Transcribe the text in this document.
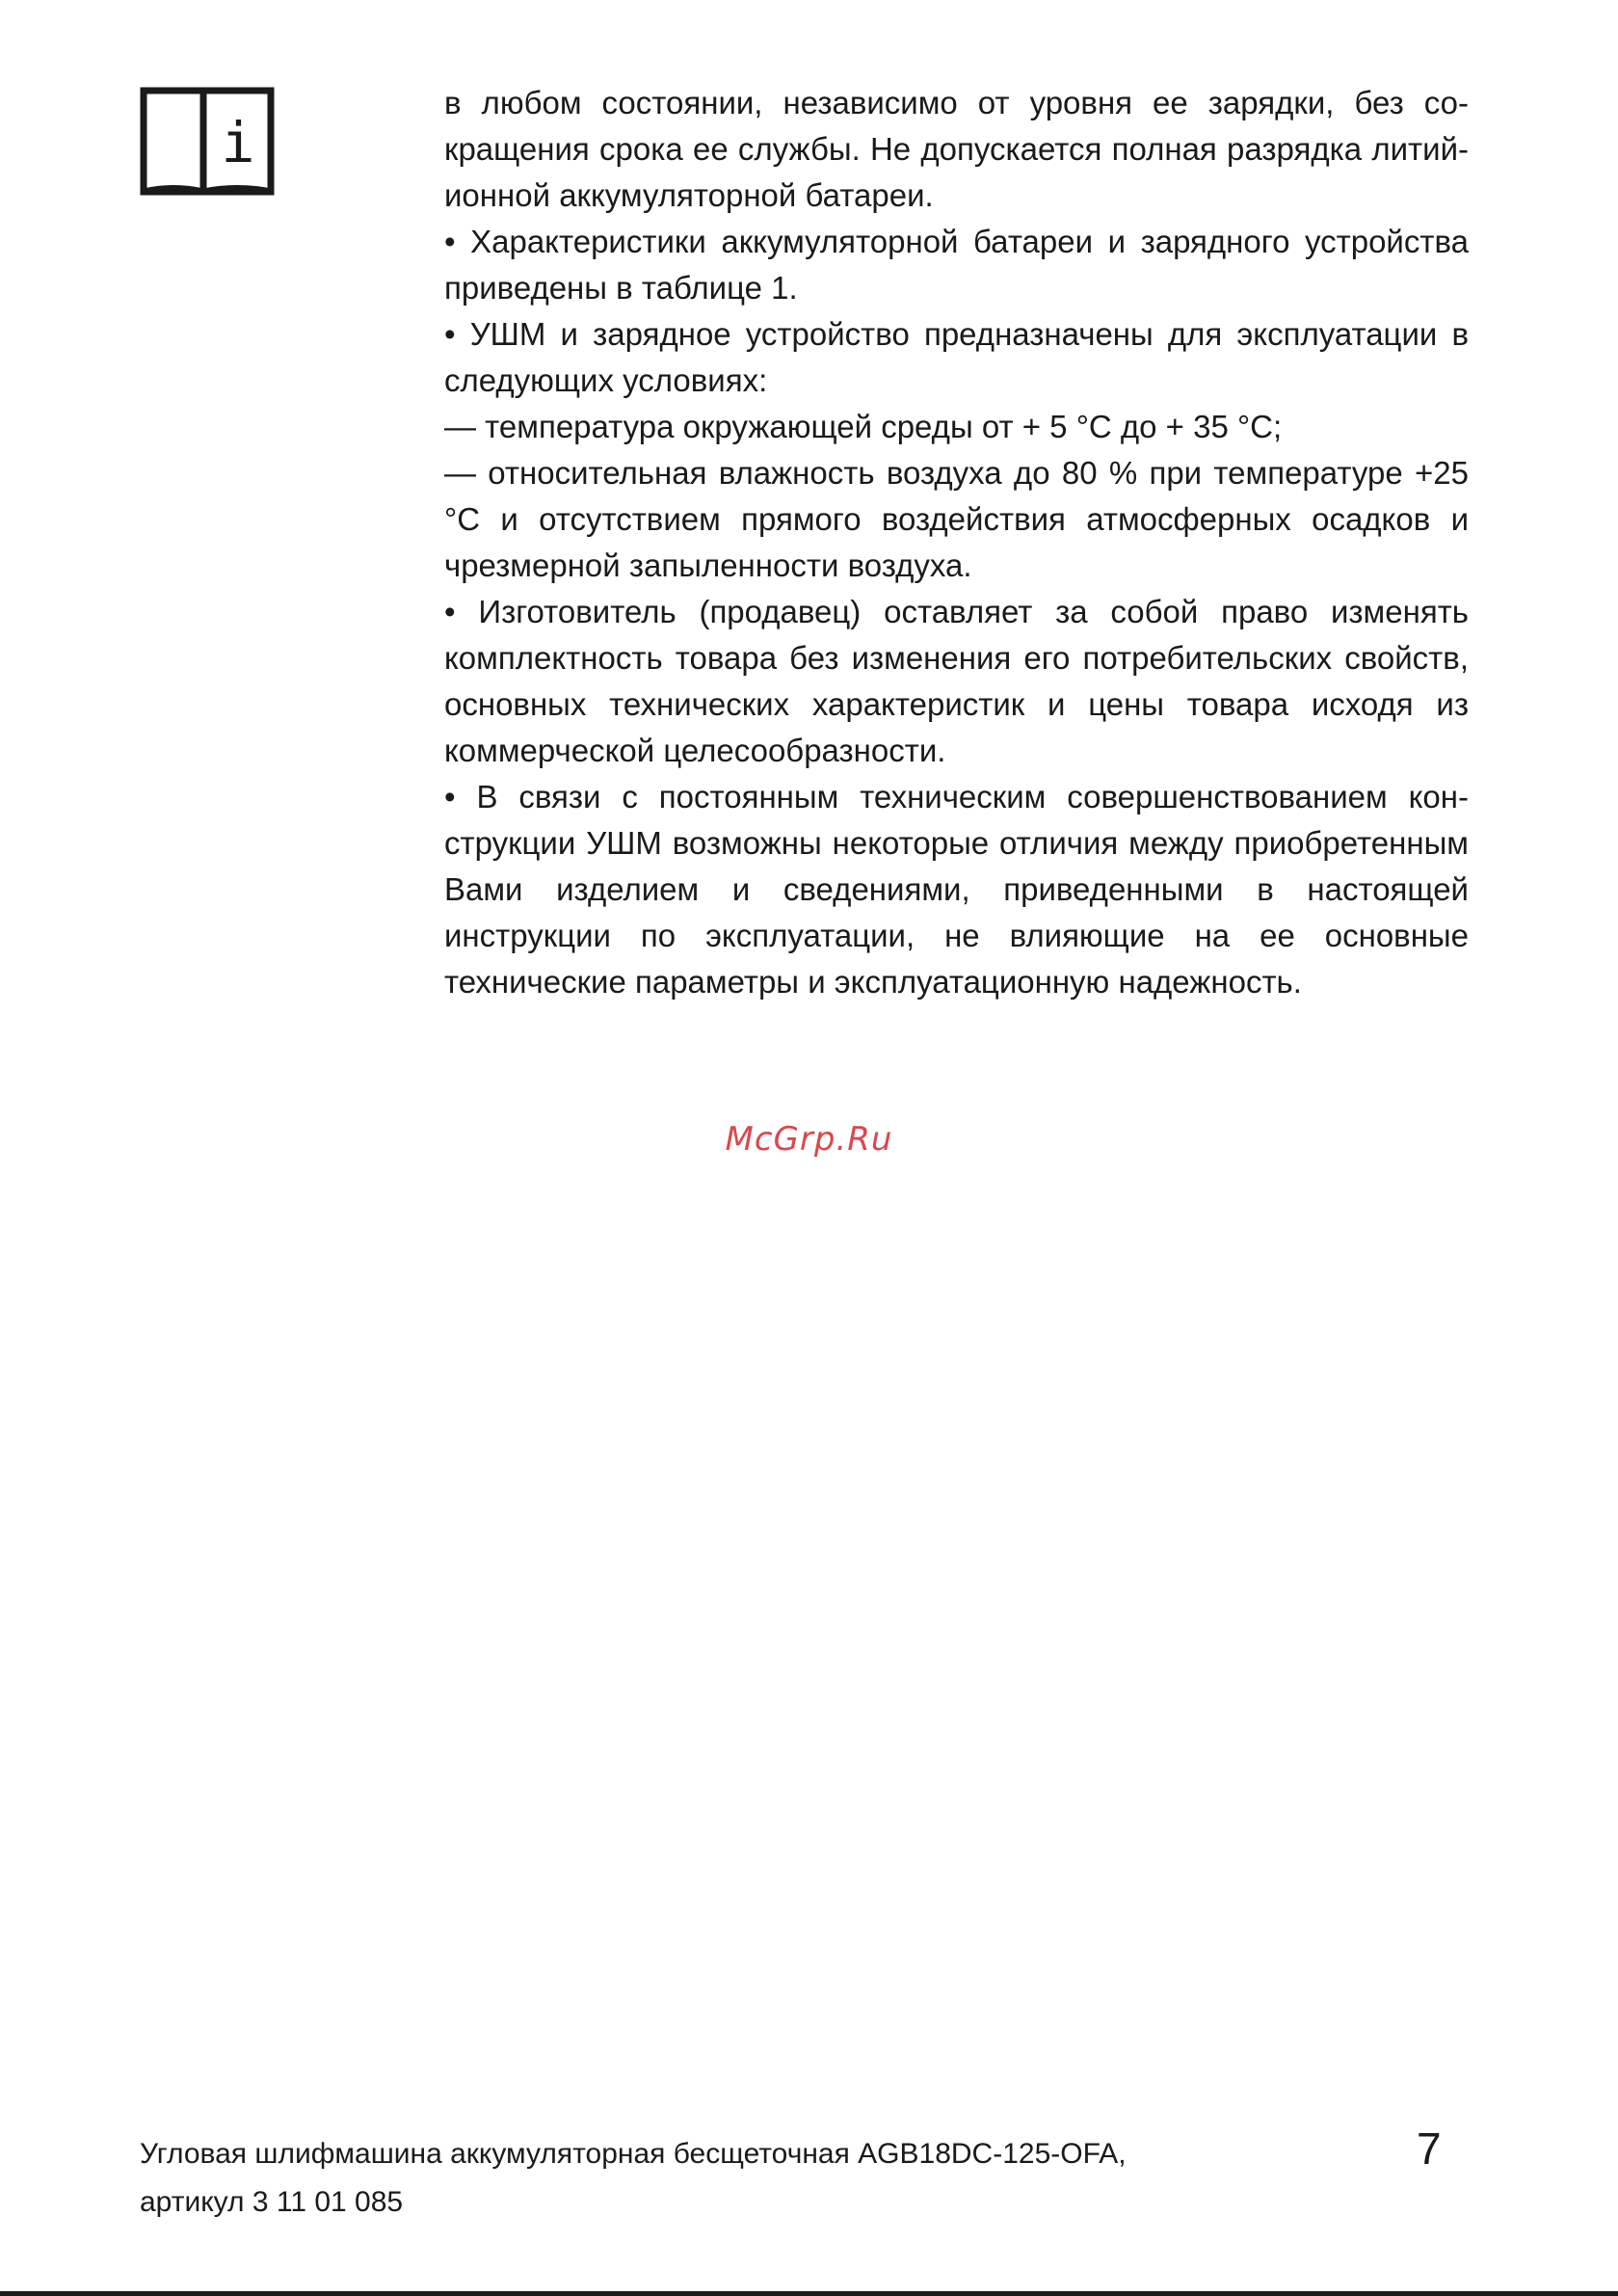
i

в любом состоянии, независимо от уровня ее зарядки, без сокращения срока ее службы. Не допускается полная разрядка литий-ионной аккумуляторной батареи.

• Характеристики аккумуляторной батареи и зарядного устройства приведены в таблице 1.

• УШМ и зарядное устройство предназначены для эксплуатации в следующих условиях:

— температура окружающей среды от + 5 °С до + 35 °С;

— относительная влажность воздуха до 80 % при температуре +25 °С и отсутствием прямого воздействия атмосферных осадков и чрезмерной запыленности воздуха.

• Изготовитель (продавец) оставляет за собой право изменять комплектность товара без изменения его потребительских свойств, основных технических характеристик и цены товара исходя из коммерческой целесообразности.

• В связи с постоянным техническим совершенствованием конструкции УШМ возможны некоторые отличия между приобретенным Вами изделием и сведениями, приведенными в настоящей инструкции по эксплуатации, не влияющие на ее основные технические параметры и эксплуатационную надежность.

McGrp.Ru
Угловая шлифмашина аккумуляторная бесщеточная AGB18DC-125-OFA,
артикул 3 11 01 085
7
